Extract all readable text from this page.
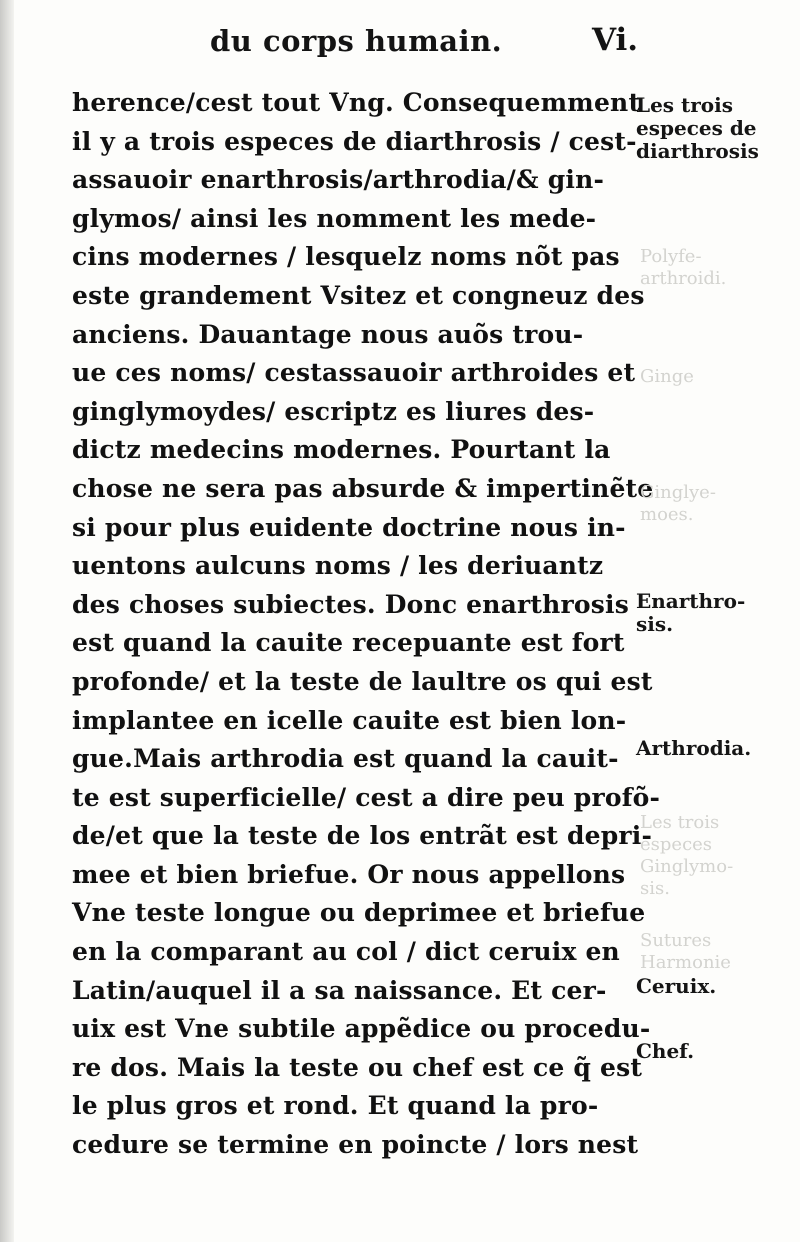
du corps humain.	Vi.
herence/cest tout Vng. Consequemment
il y a trois especes de diarthrosis / cest-
assauoir enarthrosis/arthrodia/& gin-
glymos/ ainsi les nomment les mede-
cins modernes / lesquelz noms nõt pas
este grandement Vsitez et congneuz des
anciens. Dauantage nous auõs trou-
ue ces noms/ cestassauoir arthroides et
ginglymoydes/ escriptz es liures des-
dictz medecins modernes. Pourtant la
chose ne sera pas absurde & impertinẽte
si pour plus euidente doctrine nous in-
uentons aulcuns noms / les deriuantz
des choses subiectes. Donc enarthrosis
est quand la cauite recepuante est fort
profonde/ et la teste de laultre os qui est
implantee en icelle cauite est bien lon-
gue.Mais arthrodia est quand la cauit-
te est superficielle/ cest a dire peu profõ-
de/et que la teste de los entrãt est depri-
mee et bien briefue. Or nous appellons
Vne teste longue ou deprimee et briefue
en la comparant au col / dict ceruix en
Latin/auquel il a sa naissance. Et cer-
uix est Vne subtile appẽdice ou procedu-
re dos. Mais la teste ou chef est ce q̃ est
le plus gros et rond. Et quand la pro-
cedure se termine en poincte / lors nest
Les trois
especes de
diarthrosis
Enarthro-
sis.
Arthrodia.
Ceruix.
Chef.
Polyfe-
arthroidi.
Ginge
Ginglye-
moes.
Les trois
especes
Ginglymo-
sis.
Sutures
Harmonie
